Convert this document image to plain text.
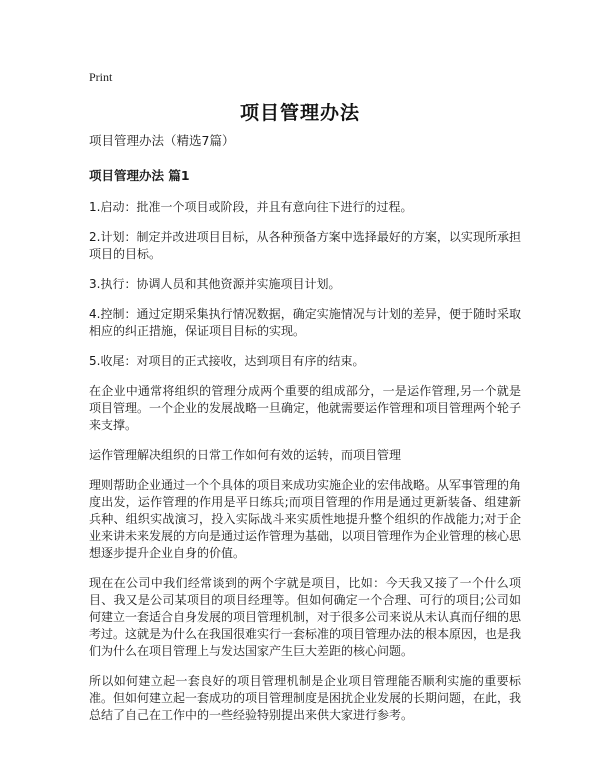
Print
项目管理办法

项目管理办法（精选7篇）

项目管理办法 篇1

1.启动：批准一个项目或阶段，并且有意向往下进行的过程。

2.计划：制定并改进项目目标，从各种预备方案中选择最好的方案，以实现所承担项目的目标。

3.执行：协调人员和其他资源并实施项目计划。

4.控制：通过定期采集执行情况数据，确定实施情况与计划的差异，便于随时采取相应的纠正措施，保证项目目标的实现。

5.收尾：对项目的正式接收，达到项目有序的结束。

在企业中通常将组织的管理分成两个重要的组成部分，一是运作管理,另一个就是项目管理。一个企业的发展战略一旦确定，他就需要运作管理和项目管理两个轮子来支撑。

运作管理解决组织的日常工作如何有效的运转，而项目管理

理则帮助企业通过一个个具体的项目来成功实施企业的宏伟战略。从军事管理的角度出发，运作管理的作用是平日练兵;而项目管理的作用是通过更新装备、组建新兵种、组织实战演习，投入实际战斗来实质性地提升整个组织的作战能力;对于企业来讲未来发展的方向是通过运作管理为基础，以项目管理作为企业管理的核心思想逐步提升企业自身的价值。

现在在公司中我们经常谈到的两个字就是项目，比如：今天我又接了一个什么项目、我又是公司某项目的项目经理等。但如何确定一个合理、可行的项目;公司如何建立一套适合自身发展的项目管理机制，对于很多公司来说从未认真而仔细的思考过。这就是为什么在我国很难实行一套标准的项目管理办法的根本原因，也是我们为什么在项目管理上与发达国家产生巨大差距的核心问题。

所以如何建立起一套良好的项目管理机制是企业项目管理能否顺利实施的重要标准。但如何建立起一套成功的项目管理制度是困扰企业发展的长期问题，在此，我总结了自己在工作中的一些经验特别提出来供大家进行参考。
